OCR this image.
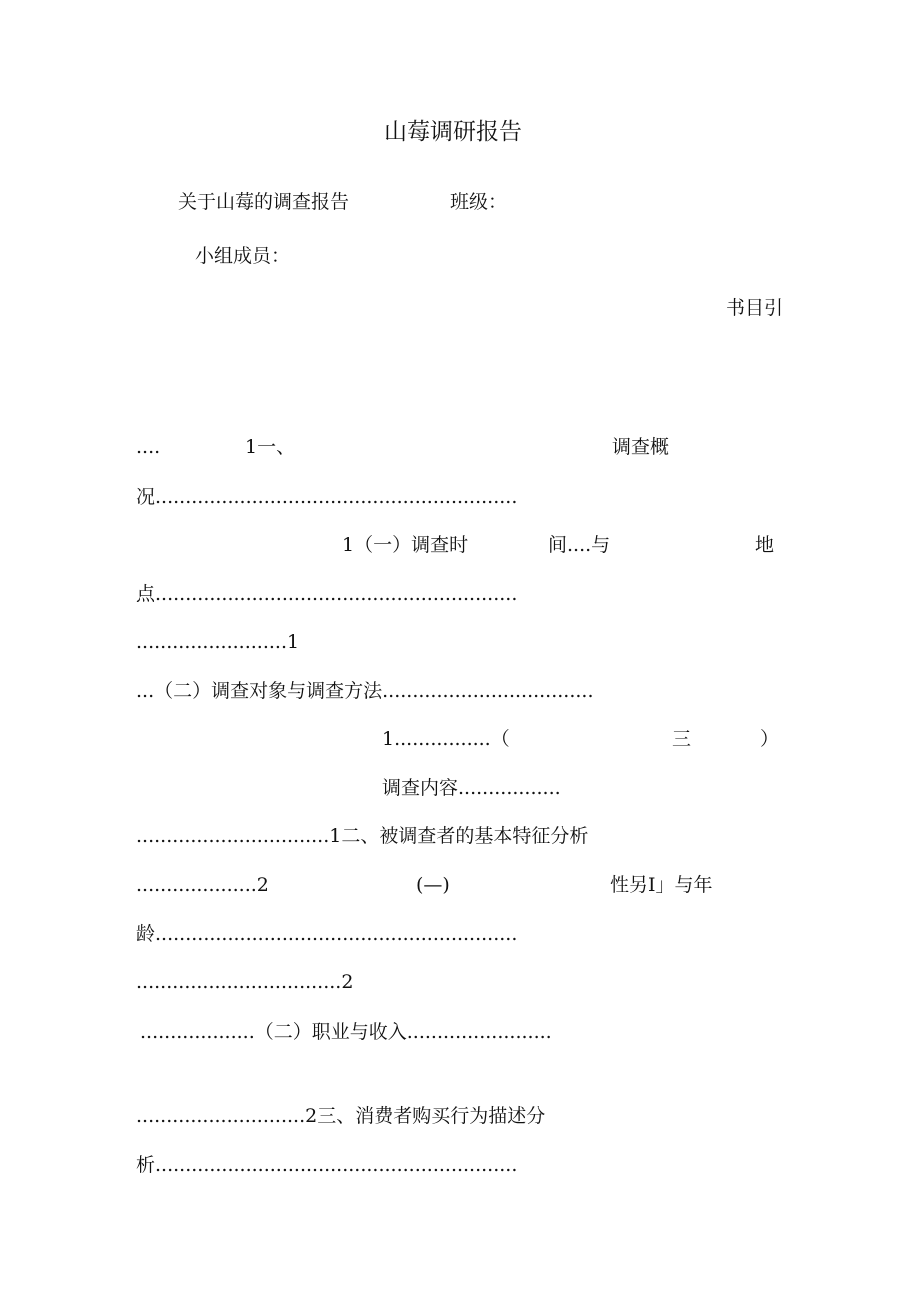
山莓调研报告
关于山莓的调查报告	班级：
小组成员：
书目引
....	1一、	调查概
况............................................................
1（一）调查时	间....与	地
点............................................................
.........................1
...（二）调查对象与调查方法...................................
1................（	三	）
调查内容.................
................................1二、被调查者的基本特征分析
....................2	(—)	性另I」与年
龄............................................................
..................................2
...................（二）职业与收入........................
............................2三、消费者购买行为描述分
析............................................................
